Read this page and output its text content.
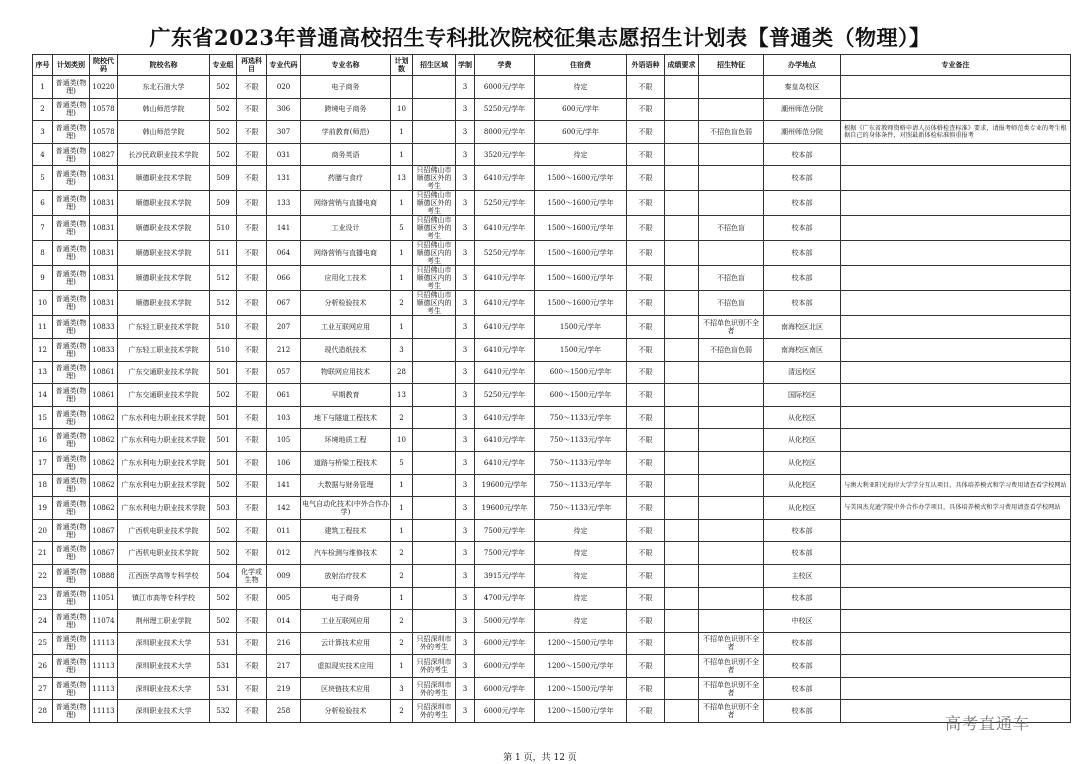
广东省2023年普通高校招生专科批次院校征集志愿招生计划表【普通类（物理）】
序号	计划类别	院校代码	院校名称	专业组	再选科目	专业代码	专业名称	计划数	招生区域	学制	学费	住宿费	外语语种	成绩要求	招生特征	办学地点	专业备注
1	普通类(物理)	10220	东北石油大学	502	不限	020	电子商务			3	6000元/学年	待定	不限			秦皇岛校区	
2	普通类(物理)	10578	韩山师范学院	502	不限	306	跨境电子商务	10		3	5250元/学年	600元/学年	不限			潮州师范分院	
3	普通类(物理)	10578	韩山师范学院	502	不限	307	学前教育(师范)	1		3	8000元/学年	600元/学年	不限		不招色盲色弱	潮州师范分院	根据《广东省教师资格申请人员体格检查标准》要求，请报考师范类专业的考生根据自己的身体条件，对照最新体检标准慎重报考
4	普通类(物理)	10827	长沙民政职业技术学院	502	不限	031	商务英语	1		3	3520元/学年	待定	不限			校本部	
5	普通类(物理)	10831	顺德职业技术学院	509	不限	131	药膳与食疗	13	只招佛山市顺德区外的考生	3	6410元/学年	1500～1600元/学年	不限			校本部	
6	普通类(物理)	10831	顺德职业技术学院	509	不限	133	网络营销与直播电商	1	只招佛山市顺德区外的考生	3	5250元/学年	1500～1600元/学年	不限			校本部	
7	普通类(物理)	10831	顺德职业技术学院	510	不限	141	工业设计	5	只招佛山市顺德区外的考生	3	6410元/学年	1500～1600元/学年	不限		不招色盲	校本部	
8	普通类(物理)	10831	顺德职业技术学院	511	不限	064	网络营销与直播电商	1	只招佛山市顺德区内的考生	3	5250元/学年	1500～1600元/学年	不限			校本部	
9	普通类(物理)	10831	顺德职业技术学院	512	不限	066	应用化工技术	1	只招佛山市顺德区内的考生	3	6410元/学年	1500～1600元/学年	不限		不招色盲	校本部	
10	普通类(物理)	10831	顺德职业技术学院	512	不限	067	分析检验技术	2	只招佛山市顺德区内的考生	3	6410元/学年	1500～1600元/学年	不限		不招色盲	校本部	
11	普通类(物理)	10833	广东轻工职业技术学院	510	不限	207	工业互联网应用	1		3	6410元/学年	1500元/学年	不限		不招单色识别不全者	南海校区北区	
12	普通类(物理)	10833	广东轻工职业技术学院	510	不限	212	现代造纸技术	3		3	6410元/学年	1500元/学年	不限		不招色盲色弱	南海校区南区	
13	普通类(物理)	10861	广东交通职业技术学院	501	不限	057	物联网应用技术	28		3	6410元/学年	600～1500元/学年	不限			清远校区	
14	普通类(物理)	10861	广东交通职业技术学院	502	不限	061	早期教育	13		3	5250元/学年	600～1500元/学年	不限			国际校区	
15	普通类(物理)	10862	广东水利电力职业技术学院	501	不限	103	地下与隧道工程技术	2		3	6410元/学年	750～1133元/学年	不限			从化校区	
16	普通类(物理)	10862	广东水利电力职业技术学院	501	不限	105	环境地质工程	10		3	6410元/学年	750～1133元/学年	不限			从化校区	
17	普通类(物理)	10862	广东水利电力职业技术学院	501	不限	106	道路与桥梁工程技术	5		3	6410元/学年	750～1133元/学年	不限			从化校区	
18	普通类(物理)	10862	广东水利电力职业技术学院	502	不限	141	大数据与财务管理	1		3	19600元/学年	750～1133元/学年	不限			从化校区	与澳大利亚阳光海岸大学学分互认项目，具体培养模式和学习费用请查看学校网站
19	普通类(物理)	10862	广东水利电力职业技术学院	503	不限	142	电气自动化技术(中外合作办学)	1		3	19600元/学年	750～1133元/学年	不限			从化校区	与美国杰克逊学院中外合作办学项目，具体培养模式和学习费用请查看学校网站
20	普通类(物理)	10867	广西机电职业技术学院	502	不限	011	建筑工程技术	1		3	7500元/学年	待定	不限			校本部	
21	普通类(物理)	10867	广西机电职业技术学院	502	不限	012	汽车检测与维修技术	2		3	7500元/学年	待定	不限			校本部	
22	普通类(物理)	10888	江西医学高等专科学校	504	化学或生物	009	放射治疗技术	2		3	3915元/学年	待定	不限			主校区	
23	普通类(物理)	11051	镇江市高等专科学校	502	不限	005	电子商务	1		3	4700元/学年	待定	不限			校本部	
24	普通类(物理)	11074	荆州理工职业学院	502	不限	014	工业互联网应用	2		3	5000元/学年	待定	不限			中校区	
25	普通类(物理)	11113	深圳职业技术大学	531	不限	216	云计算技术应用	2	只招深圳市外的考生	3	6000元/学年	1200～1500元/学年	不限		不招单色识别不全者	校本部	
26	普通类(物理)	11113	深圳职业技术大学	531	不限	217	虚拟现实技术应用	1	只招深圳市外的考生	3	6000元/学年	1200～1500元/学年	不限		不招单色识别不全者	校本部	
27	普通类(物理)	11113	深圳职业技术大学	531	不限	219	区块链技术应用	3	只招深圳市外的考生	3	6000元/学年	1200～1500元/学年	不限		不招单色识别不全者	校本部	
28	普通类(物理)	11113	深圳职业技术大学	532	不限	258	分析检验技术	2	只招深圳市外的考生	3	6000元/学年	1200～1500元/学年	不限		不招单色识别不全者	校本部	
第 1 页，共 12 页
高考直通车
